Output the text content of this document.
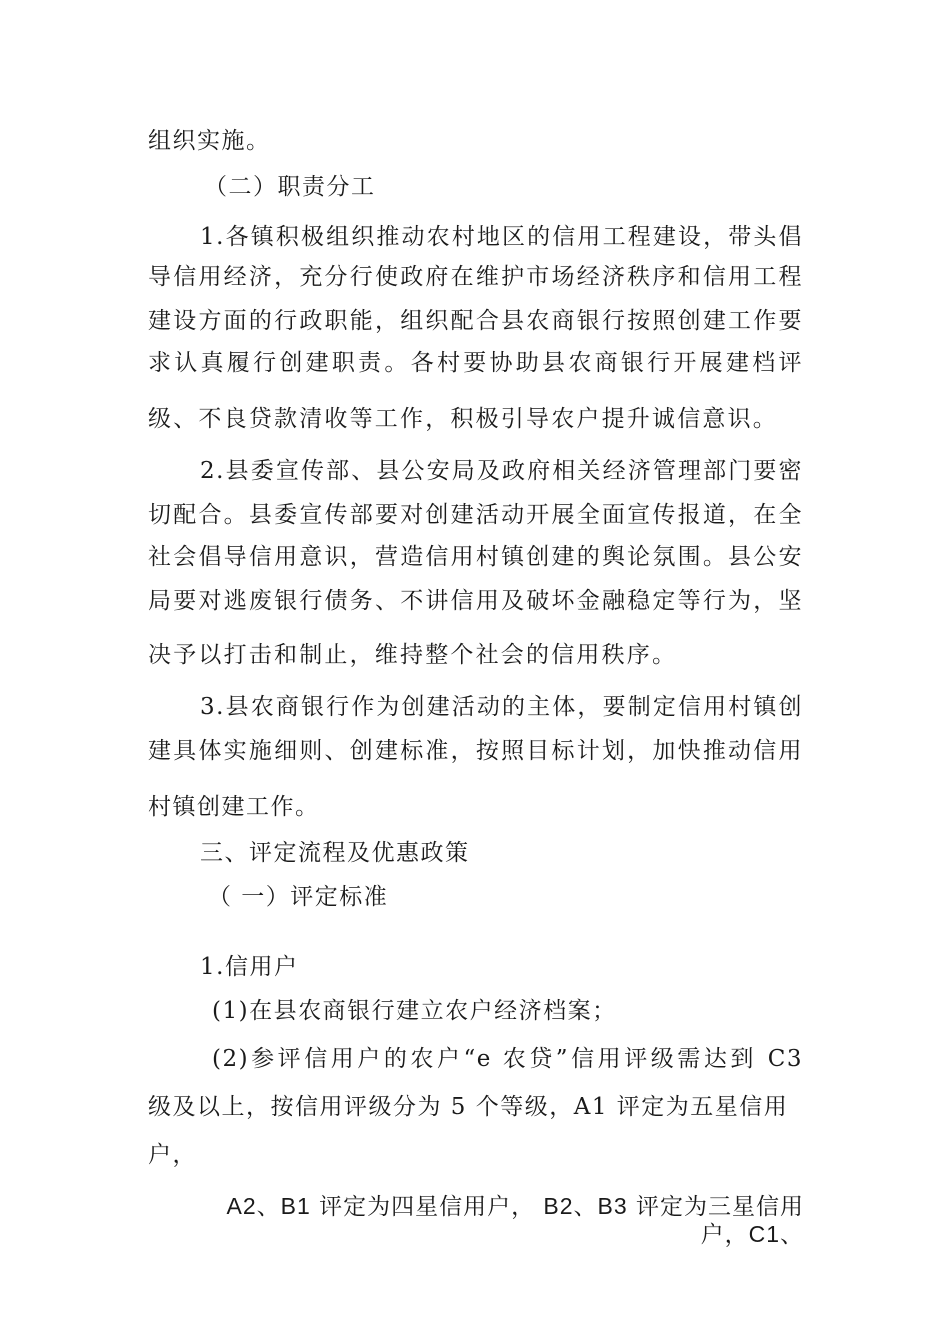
组织实施。
（二）职责分工
1.各镇积极组织推动农村地区的信用工程建设，带头倡
导信用经济，充分行使政府在维护市场经济秩序和信用工程
建设方面的行政职能，组织配合县农商银行按照创建工作要
求认真履行创建职责。各村要协助县农商银行开展建档评
级、不良贷款清收等工作，积极引导农户提升诚信意识。
2.县委宣传部、县公安局及政府相关经济管理部门要密
切配合。县委宣传部要对创建活动开展全面宣传报道，在全
社会倡导信用意识，营造信用村镇创建的舆论氛围。县公安
局要对逃废银行债务、不讲信用及破坏金融稳定等行为，坚
决予以打击和制止，维持整个社会的信用秩序。
3.县农商银行作为创建活动的主体，要制定信用村镇创
建具体实施细则、创建标准，按照目标计划，加快推动信用
村镇创建工作。
三、评定流程及优惠政策
（ 一）评定标准
1.信用户
(1)在县农商银行建立农户经济档案；
(2)参评信用户的农户“e 农贷”信用评级需达到 C3
级及以上，按信用评级分为 5 个等级，A1 评定为五星信用
户，
A2、B1 评定为四星信用户， B2、B3 评定为三星信用
户，C1、
